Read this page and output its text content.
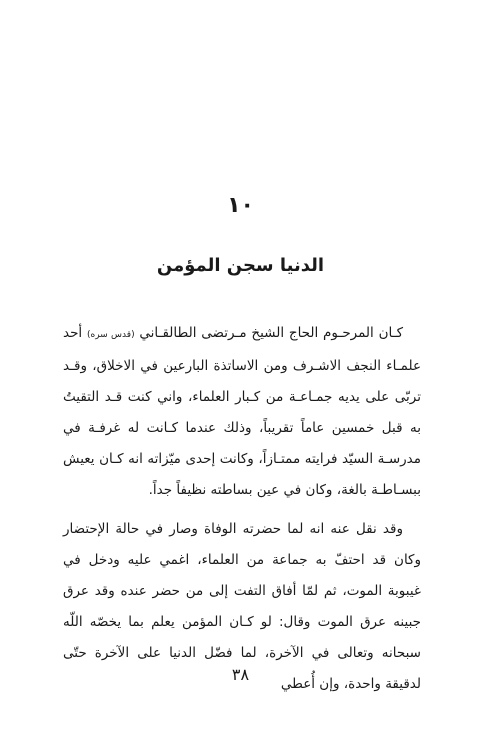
١٠
الدنيا سجن المؤمن

كـان المرحـوم الحاج الشيخ مـرتضى الطالقـاني (قدس سره) أحد علمـاء النجف الاشـرف ومن الاساتذة البارعين في الاخلاق، وقـد تربّى على يديه جمـاعـة من كـبار العلماء، واني كنت قـد التقيتُ به قبل خمسين عاماً تقريباً، وذلك عندما كـانت له غرفـة في مدرسـة السيّد فرايته ممتـازاً، وكانت إحدى ميّزاته انه كـان يعيش ببسـاطـة بالغة، وكان في عين بساطته نظيفاً جداً.

وقد نقل عنه انه لما حضرته الوفاة وصار في حالة الإحتضار وكان قد احتفّ به جماعة من العلماء، اغمي عليه ودخل في غيبوبة الموت، ثم لمّا أفاق التفت إلى من حضر عنده وقد عرق جبينه عرق الموت وقال: لو كـان المؤمن يعلم بما يخصّه اللّه سبحانه وتعالى في الآخرة، لما فضّل الدنيا على الآخرة حتّى لدقيقة واحدة، وإن أُعطي

٣٨
